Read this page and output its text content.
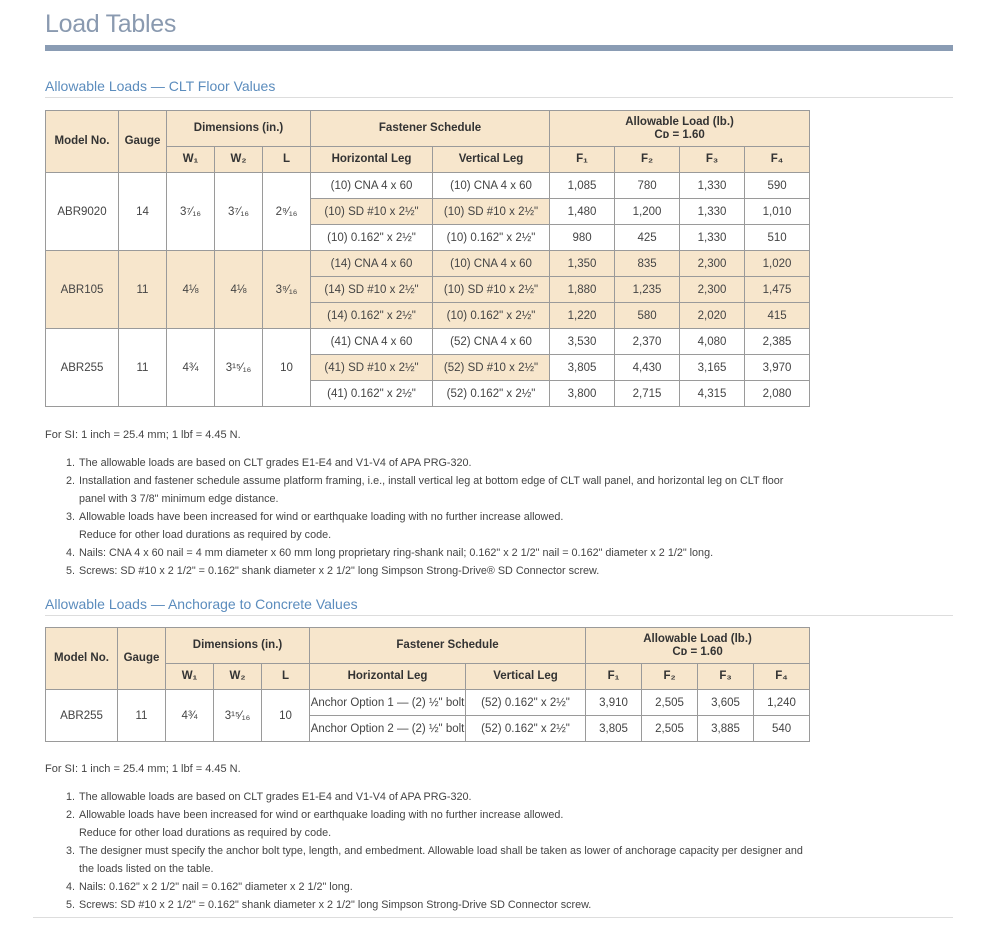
Load Tables
Allowable Loads — CLT Floor Values
Model No.	Gauge	Dimensions (in.)			Fastener Schedule		Allowable Load (lb.)
Cᴅ = 1.60			

		W₁	W₂	L	Horizontal Leg	Vertical Leg	F₁	F₂	F₃	F₄
ABR9020	14	3⁷⁄₁₆	3⁷⁄₁₆	2⁹⁄₁₆	(10) CNA 4 x 60	(10) CNA 4 x 60	1,085	780	1,330	590
					(10) SD #10 x 2½"	(10) SD #10 x 2½"	1,480	1,200	1,330	1,010
					(10) 0.162" x 2½"	(10) 0.162" x 2½"	980	425	1,330	510
ABR105	11	4⅛	4⅛	3⁹⁄₁₆	(14) CNA 4 x 60	(10) CNA 4 x 60	1,350	835	2,300	1,020
					(14) SD #10 x 2½"	(10) SD #10 x 2½"	1,880	1,235	2,300	1,475
					(14) 0.162" x 2½"	(10) 0.162" x 2½"	1,220	580	2,020	415
ABR255	11	4¾	3¹⁵⁄₁₆	10	(41) CNA 4 x 60	(52) CNA 4 x 60	3,530	2,370	4,080	2,385
					(41) SD #10 x 2½"	(52) SD #10 x 2½"	3,805	4,430	3,165	3,970
					(41) 0.162" x 2½"	(52) 0.162" x 2½"	3,800	2,715	4,315	2,080
For SI: 1 inch = 25.4 mm; 1 lbf = 4.45 N.
1. The allowable loads are based on CLT grades E1-E4 and V1-V4 of APA PRG-320.
2. Installation and fastener schedule assume platform framing, i.e., install vertical leg at bottom edge of CLT wall panel, and horizontal leg on CLT floor
panel with 3 7/8" minimum edge distance.
3. Allowable loads have been increased for wind or earthquake loading with no further increase allowed.
Reduce for other load durations as required by code.
4. Nails: CNA 4 x 60 nail = 4 mm diameter x 60 mm long proprietary ring-shank nail; 0.162" x 2 1/2" nail = 0.162" diameter x 2 1/2" long.
5. Screws: SD #10 x 2 1/2" = 0.162" shank diameter x 2 1/2" long Simpson Strong-Drive® SD Connector screw.
Allowable Loads — Anchorage to Concrete Values
Model No.	Gauge	Dimensions (in.)			Fastener Schedule		Allowable Load (lb.)
Cᴅ = 1.60			

		W₁	W₂	L	Horizontal Leg	Vertical Leg	F₁	F₂	F₃	F₄
ABR255	11	4¾	3¹⁵⁄₁₆	10	Anchor Option 1 — (2) ½" bolt	(52) 0.162" x 2½"	3,910	2,505	3,605	1,240
					Anchor Option 2 — (2) ½" bolt	(52) 0.162" x 2½"	3,805	2,505	3,885	540
For SI: 1 inch = 25.4 mm; 1 lbf = 4.45 N.
1. The allowable loads are based on CLT grades E1-E4 and V1-V4 of APA PRG-320.
2. Allowable loads have been increased for wind or earthquake loading with no further increase allowed.
Reduce for other load durations as required by code.
3. The designer must specify the anchor bolt type, length, and embedment. Allowable load shall be taken as lower of anchorage capacity per designer and
the loads listed on the table.
4. Nails: 0.162" x 2 1/2" nail = 0.162" diameter x 2 1/2" long.
5. Screws: SD #10 x 2 1/2" = 0.162" shank diameter x 2 1/2" long Simpson Strong-Drive SD Connector screw.
